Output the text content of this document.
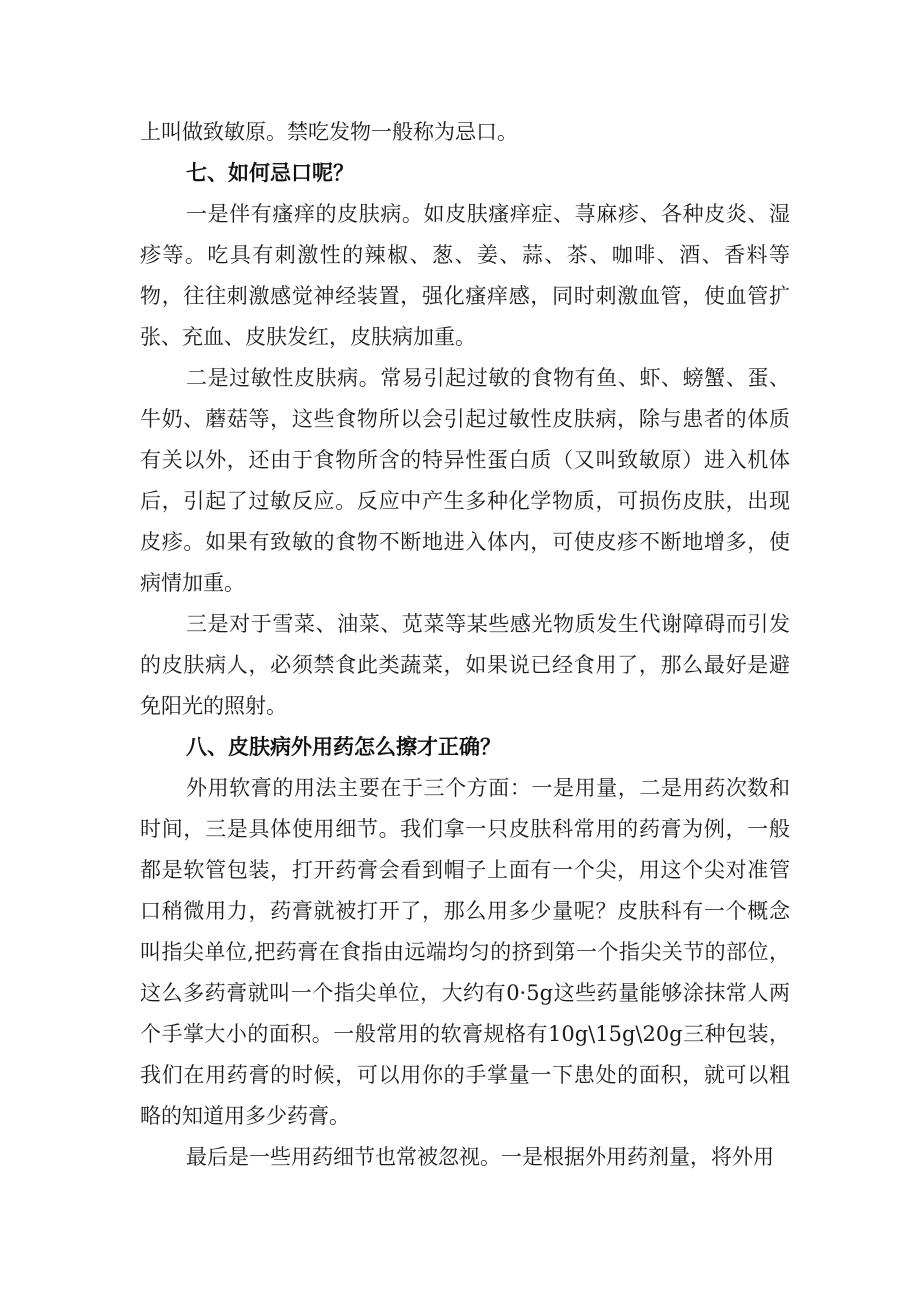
上叫做致敏原。禁吃发物一般称为忌口。

七、如何忌口呢？

一是伴有瘙痒的皮肤病。如皮肤瘙痒症、荨麻疹、各种皮炎、湿疹等。吃具有刺激性的辣椒、葱、姜、蒜、茶、咖啡、酒、香料等物，往往刺激感觉神经装置，强化瘙痒感，同时刺激血管，使血管扩张、充血、皮肤发红，皮肤病加重。

二是过敏性皮肤病。常易引起过敏的食物有鱼、虾、螃蟹、蛋、牛奶、蘑菇等，这些食物所以会引起过敏性皮肤病，除与患者的体质有关以外，还由于食物所含的特异性蛋白质（又叫致敏原）进入机体后，引起了过敏反应。反应中产生多种化学物质，可损伤皮肤，出现皮疹。如果有致敏的食物不断地进入体内，可使皮疹不断地增多，使病情加重。

三是对于雪菜、油菜、苋菜等某些感光物质发生代谢障碍而引发的皮肤病人，必须禁食此类蔬菜，如果说已经食用了，那么最好是避免阳光的照射。

八、皮肤病外用药怎么擦才正确？

外用软膏的用法主要在于三个方面：一是用量，二是用药次数和时间，三是具体使用细节。我们拿一只皮肤科常用的药膏为例，一般都是软管包装，打开药膏会看到帽子上面有一个尖，用这个尖对准管口稍微用力，药膏就被打开了，那么用多少量呢？皮肤科有一个概念叫指尖单位,把药膏在食指由远端均匀的挤到第一个指尖关节的部位，这么多药膏就叫一个指尖单位，大约有0·5g这些药量能够涂抹常人两个手掌大小的面积。一般常用的软膏规格有10g\15g\20g三种包装，我们在用药膏的时候，可以用你的手掌量一下患处的面积，就可以粗略的知道用多少药膏。

最后是一些用药细节也常被忽视。一是根据外用药剂量，将外用
